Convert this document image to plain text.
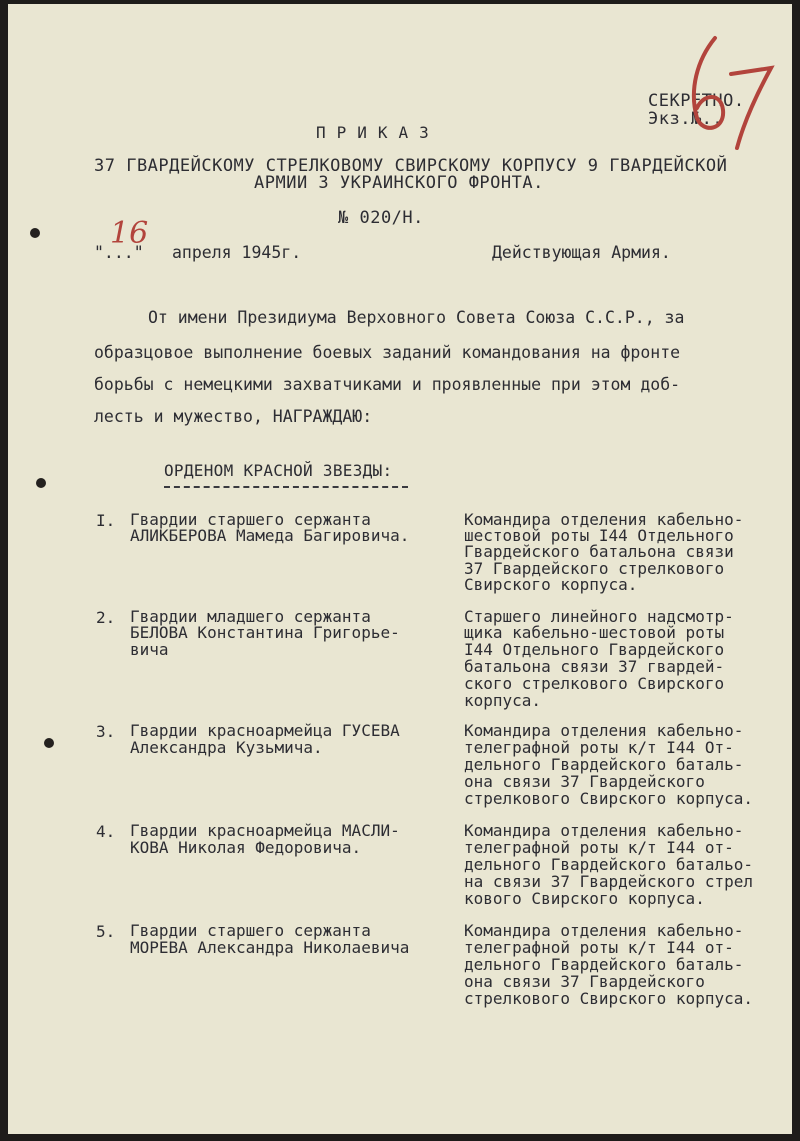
СЕКРЕТНО.
Экз.№..
ПРИКАЗ
37 ГВАРДЕЙСКОМУ СТРЕЛКОВОМУ СВИРСКОМУ КОРПУСУ 9 ГВАРДЕЙСКОЙ
АРМИИ 3 УКРАИНСКОГО ФРОНТА.
№ 020/Н.
"..."
16
апреля 1945г.	Действующая Армия.
От имени Президиума Верховного Совета Союза С.С.Р., за
образцовое выполнение боевых заданий командования на фронте
борьбы с немецкими захватчиками и проявленные при этом доб-
лесть и мужество, НАГРАЖДАЮ:
ОРДЕНОМ КРАСНОЙ ЗВЕЗДЫ:
I. Гвардии старшего сержанта
АЛИКБЕРОВА Мамеда Багировича.
Командира отделения кабельно-
шестовой роты I44 Отдельного
Гвардейского батальона связи
37 Гвардейского стрелкового
Свирского корпуса.
2. Гвардии младшего сержанта
БЕЛОВА Константина Григорье-
вича
Старшего линейного надсмотр-
щика кабельно-шестовой роты
I44 Отдельного Гвардейского
батальона связи 37 гвардей-
ского стрелкового Свирского
корпуса.
3. Гвардии красноармейца ГУСЕВА
Александра Кузьмича.
Командира отделения кабельно-
телеграфной роты к/т I44 От-
дельного Гвардейского баталь-
она связи 37 Гвардейского
стрелкового Свирского корпуса.
4. Гвардии красноармейца МАСЛИ-
КОВА Николая Федоровича.
Командира отделения кабельно-
телеграфной роты к/т I44 от-
дельного Гвардейского батальо-
на связи 37 Гвардейского стрел
кового Свирского корпуса.
5. Гвардии старшего сержанта
МОРЕВА Александра Николаевича
Командира отделения кабельно-
телеграфной роты к/т I44 от-
дельного Гвардейского баталь-
она связи 37 Гвардейского
стрелкового Свирского корпуса.
